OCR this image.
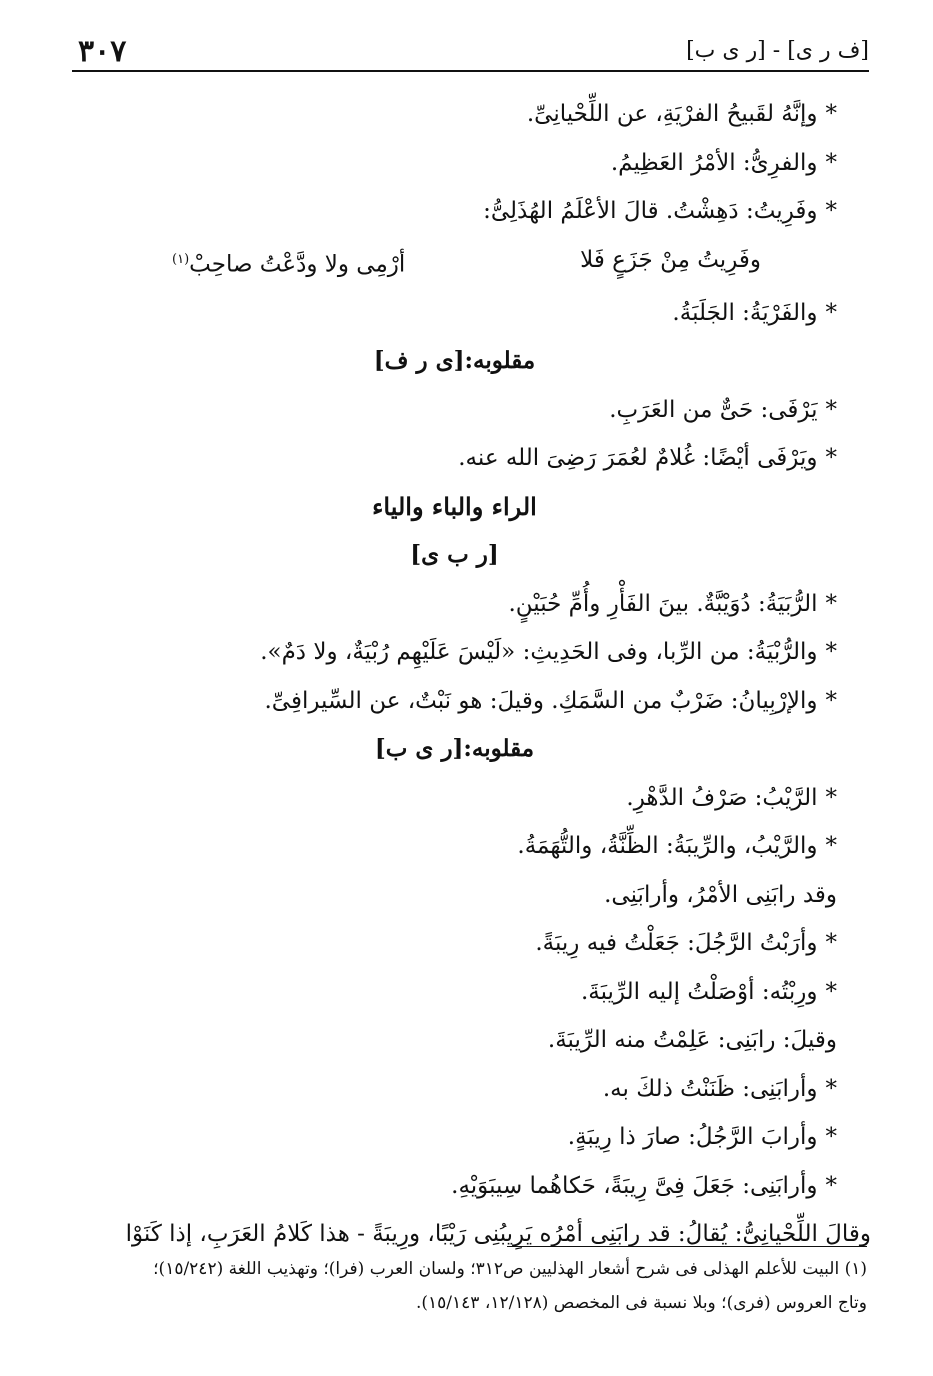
٣٠٧	[ف ر ى] - [ر ى ب]
*وإنَّهُ لقَبيحُ الفرْيَةِ، عن اللِّحْيانِىِّ.
*والفرِىُّ: الأمْرُ العَظِيمُ.
*وفَرِيتُ: دَهِشْتُ. قالَ الأعْلَمُ الهُذَلِىُّ:
وفَرِيتُ مِنْ جَزَعٍ فَلا
أرْمِى ولا ودَّعْتُ صاحِبْ$^{(١)}$
*والفَرْيَةُ: الجَلَبَةُ.
مقلوبه:[ى ر ف]
*يَرْفَى: حَىٌّ من العَرَبِ.
*ويَرْفَى أيْضًا: غُلامٌ لعُمَرَ رَضِىَ الله عنه.
الراء والباء والياء
[ر ب ى]
*الرُّبَيَةُ: دُوَيْبَّةٌ. بينَ الفَأْرِ وأُمِّ حُبَيْنٍ.
*والرُّبْيَةُ: من الرِّبا، وفى الحَدِيثِ: «لَيْسَ عَلَيْهِم رُبْيَةٌ، ولا دَمٌ».
*والإرْبِيانُ: ضَرْبٌ من السَّمَكِ. وقيلَ: هو نَبْتٌ، عن السِّيرافِىِّ.
مقلوبه:[ر ى ب]
*الرَّيْبُ: صَرْفُ الدَّهْرِ.
*والرَّيْبُ، والرِّيبَةُ: الظِّنَّةُ، والتُّهَمَةُ.
وقد رابَنِى الأمْرُ، وأرابَنِى.
*وأرَبْتُ الرَّجُلَ: جَعَلْتُ فيه رِيبَةً.
*ورِبْتُه: أوْصَلْتُ إليه الرِّيبَةَ.
وقيلَ: رابَنِى: عَلِمْتُ منه الرِّيبَةَ.
*وأرابَنِى: ظَنَنْتُ ذلكَ به.
*وأرابَ الرَّجُلُ: صارَ ذا رِيبَةٍ.
*وأرابَنِى: جَعَلَ فِىَّ رِيبَةً، حَكاهُما سِيبَوَيْهِ.
وقالَ اللِّحْيانِىُّ: يُقالُ: قد رابَنِى أمْرُه يَرِيبُنِى رَيْبًا، ورِيبَةً - هذا كَلامُ العَرَبِ، إذا كَنَوْا
(١) البيت للأعلم الهذلى فى شرح أشعار الهذليين ص٣١٢؛ ولسان العرب (فرا)؛ وتهذيب اللغة (١٥/٢٤٢)؛
وتاج العروس (فرى)؛ وبلا نسبة فى المخصص (١٢/١٢٨، ١٥/١٤٣).
